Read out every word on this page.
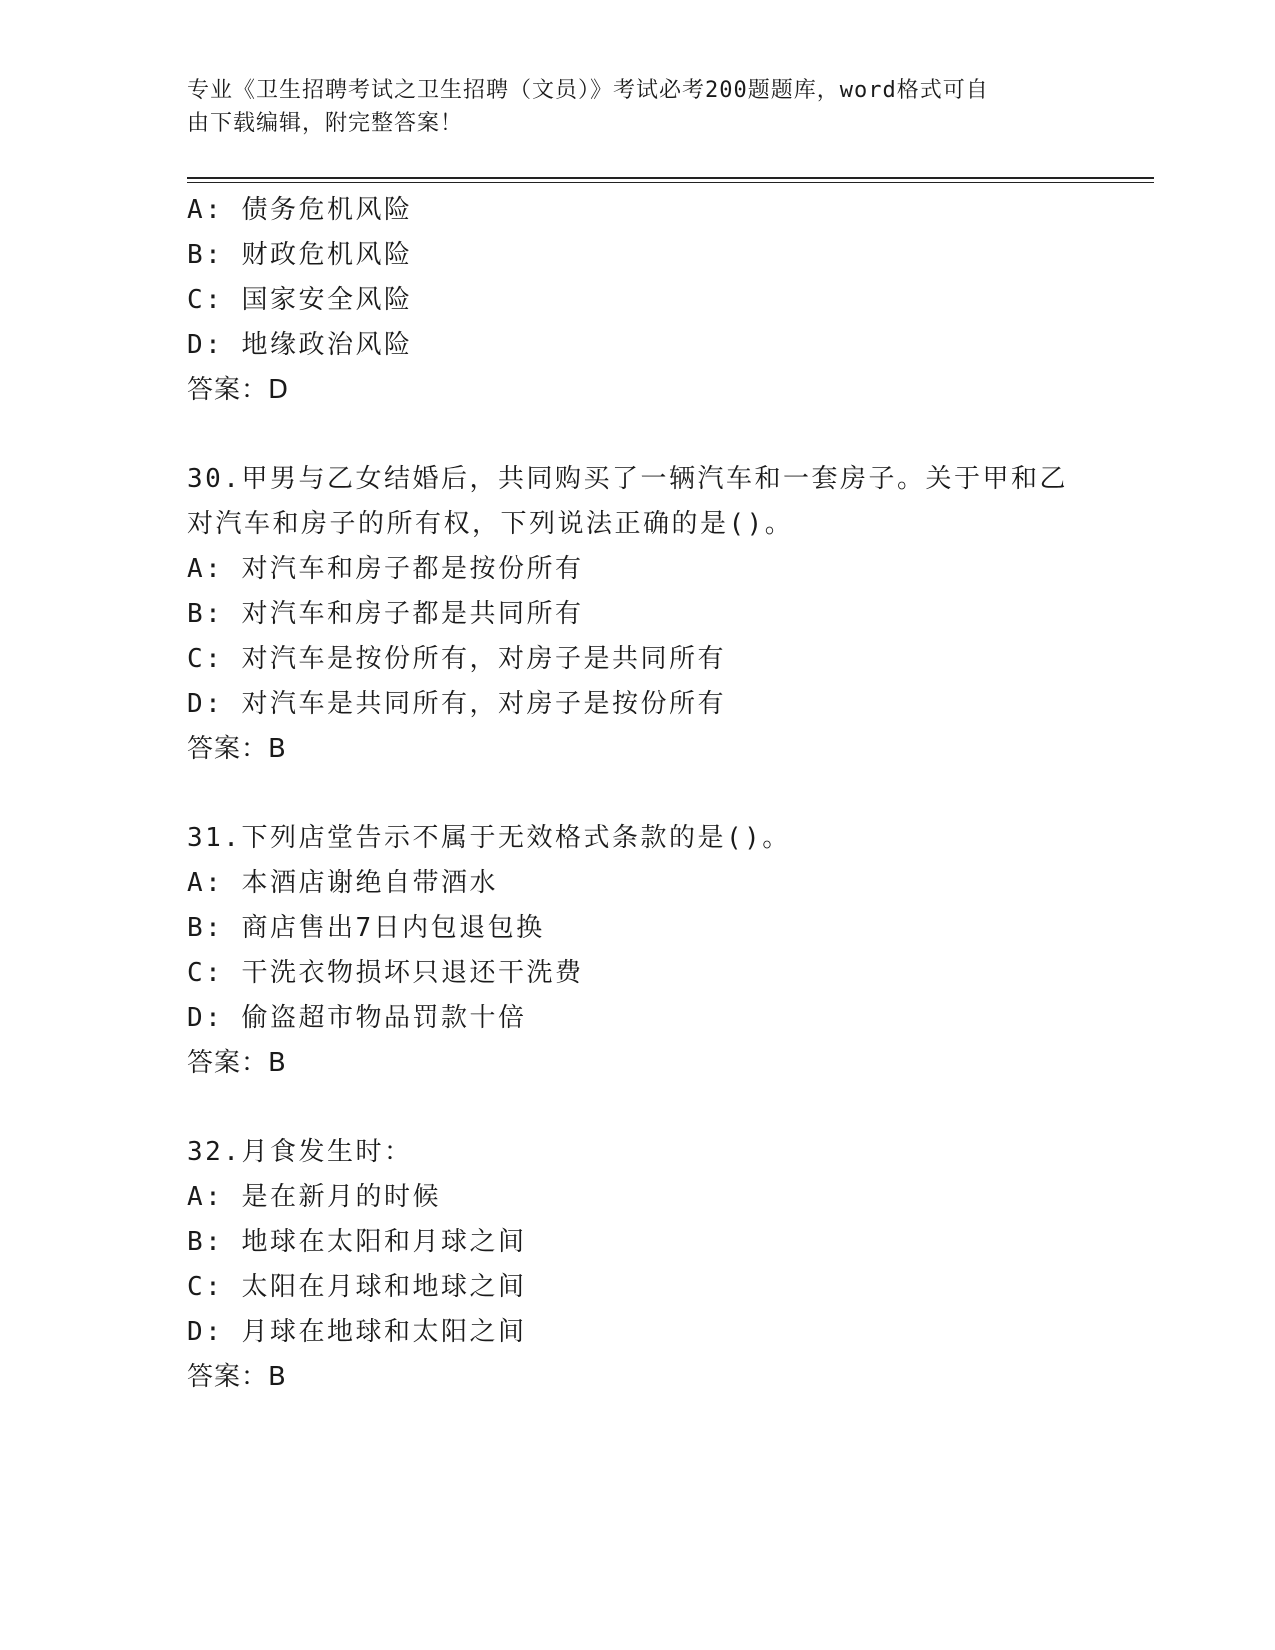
专业《卫生招聘考试之卫生招聘（文员）》考试必考200题题库，word格式可自
由下载编辑，附完整答案！
A: 债务危机风险
B: 财政危机风险
C: 国家安全风险
D: 地缘政治风险
答案：D
30.甲男与乙女结婚后，共同购买了一辆汽车和一套房子。关于甲和乙
对汽车和房子的所有权，下列说法正确的是()。
A: 对汽车和房子都是按份所有
B: 对汽车和房子都是共同所有
C: 对汽车是按份所有，对房子是共同所有
D: 对汽车是共同所有，对房子是按份所有
答案：B
31.下列店堂告示不属于无效格式条款的是()。
A: 本酒店谢绝自带酒水
B: 商店售出7日内包退包换
C: 干洗衣物损坏只退还干洗费
D: 偷盗超市物品罚款十倍
答案：B
32.月食发生时：
A: 是在新月的时候
B: 地球在太阳和月球之间
C: 太阳在月球和地球之间
D: 月球在地球和太阳之间
答案：B
